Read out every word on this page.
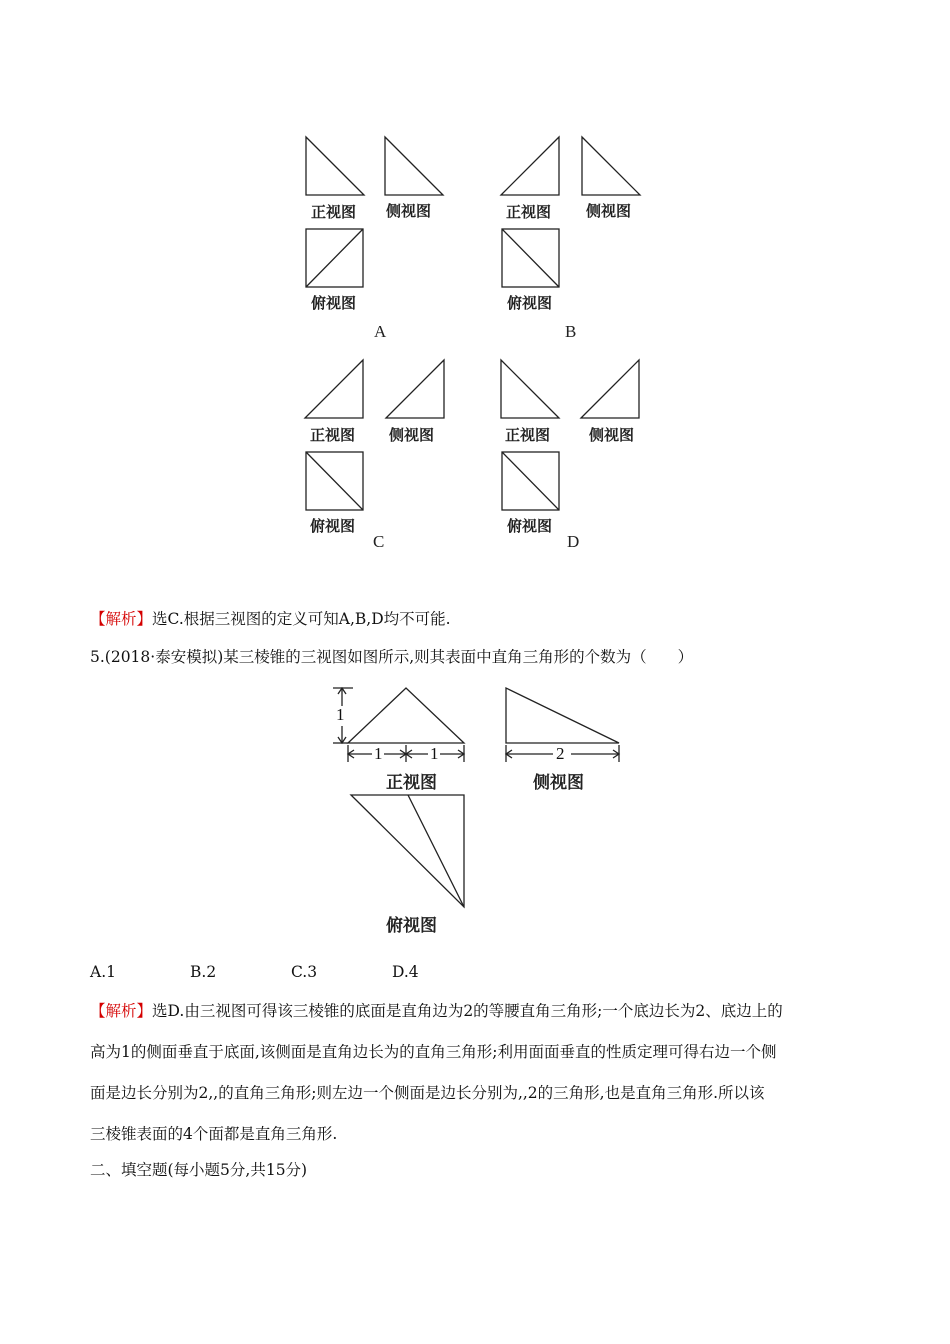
正视图 侧视图
俯视图
A
正视图 侧视图
俯视图
B
正视图 侧视图
俯视图
C
正视图	侧视图
俯视图
D
【解析】选C.根据三视图的定义可知A,B,D均不可能.
5.(2018·泰安模拟)某三棱锥的三视图如图所示,则其表面中直角三角形的个数为（　　）
1
1	1	2
正视图	侧视图
俯视图
A.1	B.2	C.3	D.4
【解析】选D.由三视图可得该三棱锥的底面是直角边为2的等腰直角三角形;一个底边长为2、底边上的
高为1的侧面垂直于底面,该侧面是直角边长为的直角三角形;利用面面垂直的性质定理可得右边一个侧
面是边长分别为2,,的直角三角形;则左边一个侧面是边长分别为,,2的三角形,也是直角三角形.所以该
三棱锥表面的4个面都是直角三角形.
二、填空题(每小题5分,共15分)
